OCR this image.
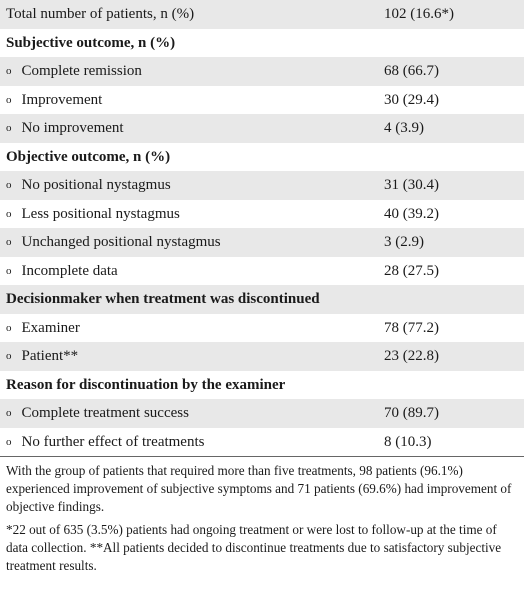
Total number of patients, n (%)	102 (16.6*)
Subjective outcome, n (%)
o Complete remission	68 (66.7)
o Improvement	30 (29.4)
o No improvement	4 (3.9)
Objective outcome, n (%)
o No positional nystagmus	31 (30.4)
o Less positional nystagmus	40 (39.2)
o Unchanged positional nystagmus	3 (2.9)
o Incomplete data	28 (27.5)
Decisionmaker when treatment was discontinued
o Examiner	78 (77.2)
o Patient**	23 (22.8)
Reason for discontinuation by the examiner
o Complete treatment success	70 (89.7)
o No further effect of treatments	8 (10.3)

With the group of patients that required more than five treatments, 98 patients (96.1%) experienced improvement of subjective symptoms and 71 patients (69.6%) had improvement of objective findings.

*22 out of 635 (3.5%) patients had ongoing treatment or were lost to follow-up at the time of data collection. **All patients decided to discontinue treatments due to satisfactory subjective treatment results.
